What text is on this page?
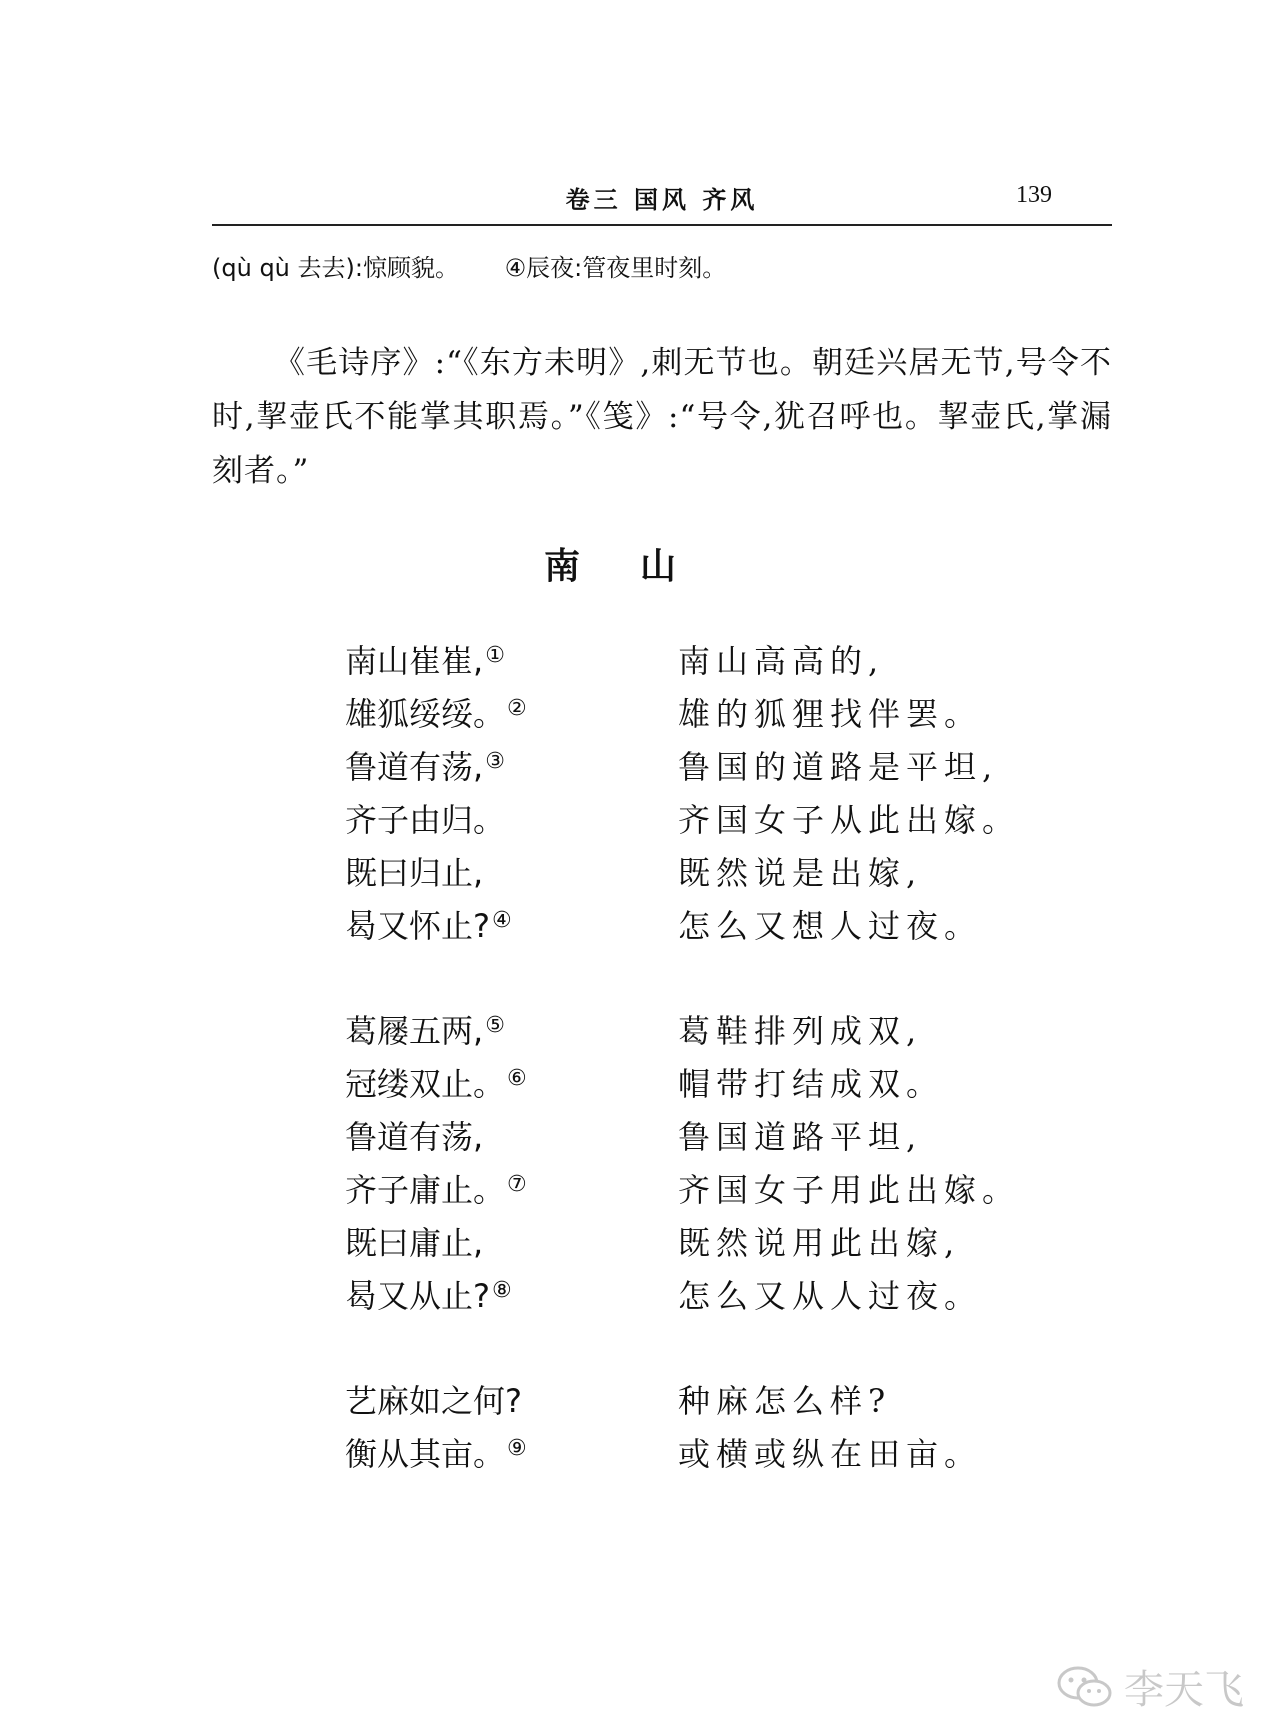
卷三 国风 齐风	139
(qù qù 去去):惊顾貌。 ④辰夜:管夜里时刻。
《毛诗序》:“《东方未明》,刺无节也。朝廷兴居无节,号令不时,挈壶氏不能掌其职焉。”《笺》:“号令,犹召呼也。挈壶氏,掌漏刻者。”
南山
南山崔崔,①	南山高高的,
雄狐绥绥。②	雄的狐狸找伴罢。
鲁道有荡,③	鲁国的道路是平坦,
齐子由归。	齐国女子从此出嫁。
既曰归止,	既然说是出嫁,
曷又怀止?④	怎么又想人过夜。
葛屦五两,⑤	葛鞋排列成双,
冠缕双止。⑥	帽带打结成双。
鲁道有荡,	鲁国道路平坦,
齐子庸止。⑦	齐国女子用此出嫁。
既曰庸止,	既然说用此出嫁,
曷又从止?⑧	怎么又从人过夜。
艺麻如之何?	种麻怎么样?
衡从其亩。⑨	或横或纵在田亩。
李天飞
